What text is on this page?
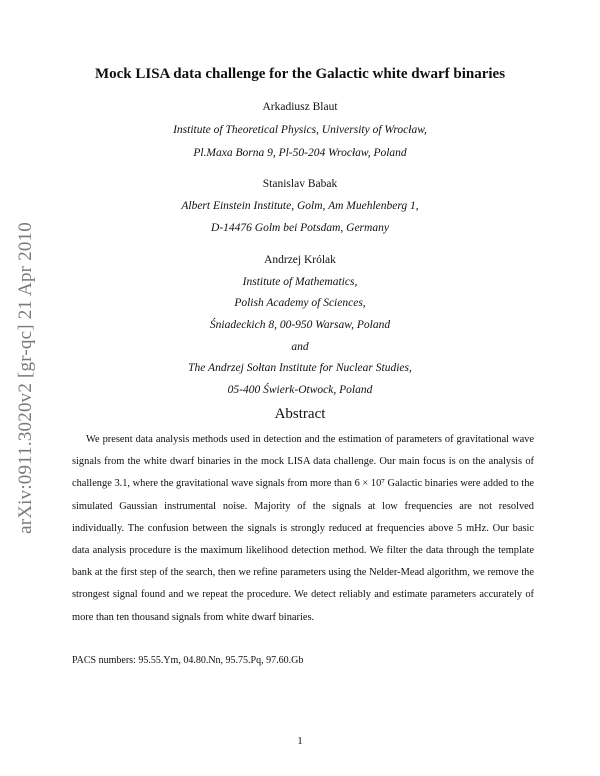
arXiv:0911.3020v2 [gr-qc] 21 Apr 2010
Mock LISA data challenge for the Galactic white dwarf binaries
Arkadiusz Blaut
Institute of Theoretical Physics, University of Wrocław,
Pl.Maxa Borna 9, Pl-50-204 Wrocław, Poland
Stanislav Babak
Albert Einstein Institute, Golm, Am Muehlenberg 1,
D-14476 Golm bei Potsdam, Germany
Andrzej Królak
Institute of Mathematics,
Polish Academy of Sciences,
Śniadeckich 8, 00-950 Warsaw, Poland
and
The Andrzej Sołtan Institute for Nuclear Studies,
05-400 Świerk-Otwock, Poland
Abstract

We present data analysis methods used in detection and the estimation of parameters of gravitational wave signals from the white dwarf binaries in the mock LISA data challenge. Our main focus is on the analysis of challenge 3.1, where the gravitational wave signals from more than 6 × 10⁷ Galactic binaries were added to the simulated Gaussian instrumental noise. Majority of the signals at low frequencies are not resolved individually. The confusion between the signals is strongly reduced at frequencies above 5 mHz. Our basic data analysis procedure is the maximum likelihood detection method. We filter the data through the template bank at the first step of the search, then we refine parameters using the Nelder-Mead algorithm, we remove the strongest signal found and we repeat the procedure. We detect reliably and estimate parameters accurately of more than ten thousand signals from white dwarf binaries.

PACS numbers: 95.55.Ym, 04.80.Nn, 95.75.Pq, 97.60.Gb
1
